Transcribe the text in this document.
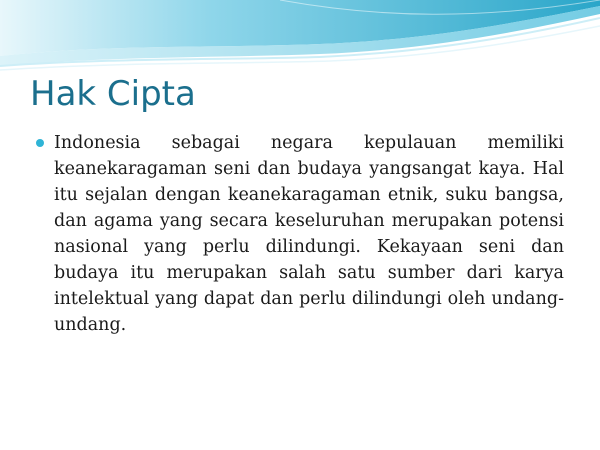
Hak Cipta

Indonesia sebagai negara kepulauan memiliki keanekaragaman seni dan budaya yangsangat kaya. Hal itu sejalan dengan keanekaragaman etnik, suku bangsa, dan agama yang secara keseluruhan merupakan potensi nasional yang perlu dilindungi. Kekayaan seni dan budaya itu merupakan salah satu sumber dari karya intelektual yang dapat dan perlu dilindungi oleh undang-undang.
